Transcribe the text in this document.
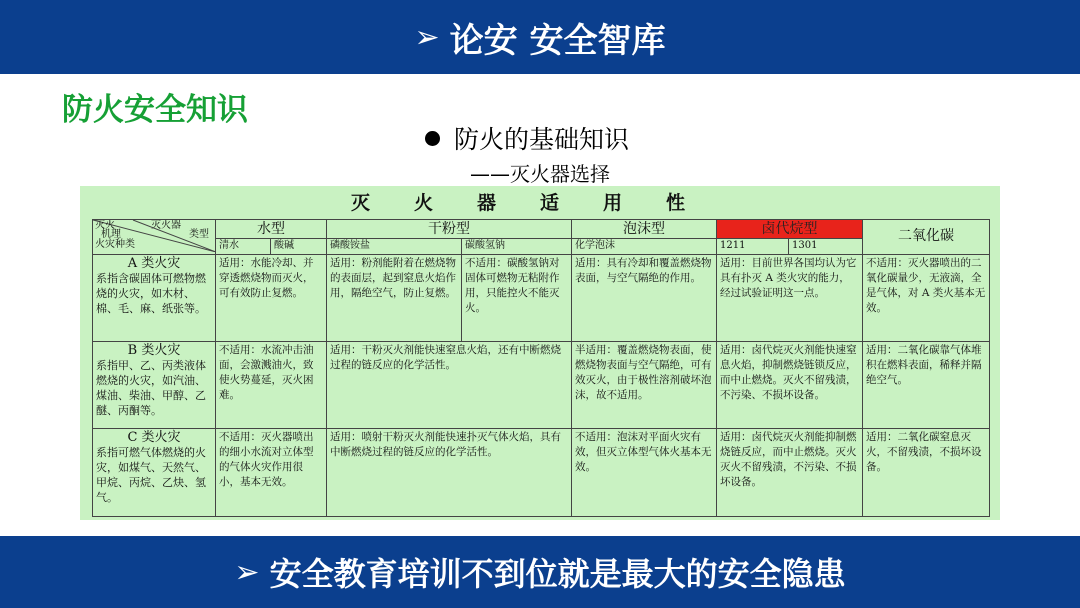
➢ 论安 安全智库
防火安全知识
防火的基础知识
——灭火器选择
灭火器适用性
灭火 灭火器
类型
机理
火灾种类	水型		干粉型		泡沫型	卤代烷型		二氧化碳
	清水	酸碱	磷酸铵盐	碳酸氢钠	化学泡沫	1211	1301	

A 类火灾
系指含碳固体可燃物燃烧的火灾，如木材、棉、毛、麻、纸张等。	适用：水能冷却、并穿透燃烧物而灭火，可有效防止复燃。		适用：粉剂能附着在燃烧物的表面层，起到窒息火焰作用，隔绝空气，防止复燃。	不适用：碳酸氢钠对固体可燃物无粘附作用，只能控火不能灭火。	适用：具有冷却和覆盖燃烧物表面，与空气隔绝的作用。	适用：目前世界各国均认为它具有扑灭 A 类火灾的能力，经过试验证明这一点。		不适用：灭火器喷出的二氧化碳量少，无液滴，全是气体，对 A 类火基本无效。

B 类火灾
系指甲、乙、丙类液体燃烧的火灾，如汽油、煤油、柴油、甲醇、乙醚、丙酮等。	不适用：水流冲击油面，会激溅油火，致使火势蔓延，灭火困难。		适用：干粉灭火剂能快速窒息火焰，还有中断燃烧过程的链反应的化学活性。		半适用：覆盖燃烧物表面，使燃烧物表面与空气隔绝，可有效灭火，由于极性溶剂破坏泡沫，故不适用。	适用：卤代烷灭火剂能快速窒息火焰，抑制燃烧链锁反应，而中止燃烧。灭火不留残渍，不污染、不损坏设备。		适用：二氧化碳靠气体堆积在燃料表面，稀释并隔绝空气。

C 类火灾
系指可燃气体燃烧的火灾，如煤气、天然气、甲烷、丙烷、乙炔、氢气。	不适用：灭火器喷出的细小水流对立体型的气体火灾作用很小，基本无效。		适用：喷射干粉灭火剂能快速扑灭气体火焰，具有中断燃烧过程的链反应的化学活性。		不适用：泡沫对平面火灾有效，但灭立体型气体火基本无效。	适用：卤代烷灭火剂能抑制燃烧链反应，而中止燃烧。灭火灭火不留残渍，不污染、不损坏设备。		适用：二氧化碳窒息灭火，不留残渍，不损坏设备。
➢ 安全教育培训不到位就是最大的安全隐患
